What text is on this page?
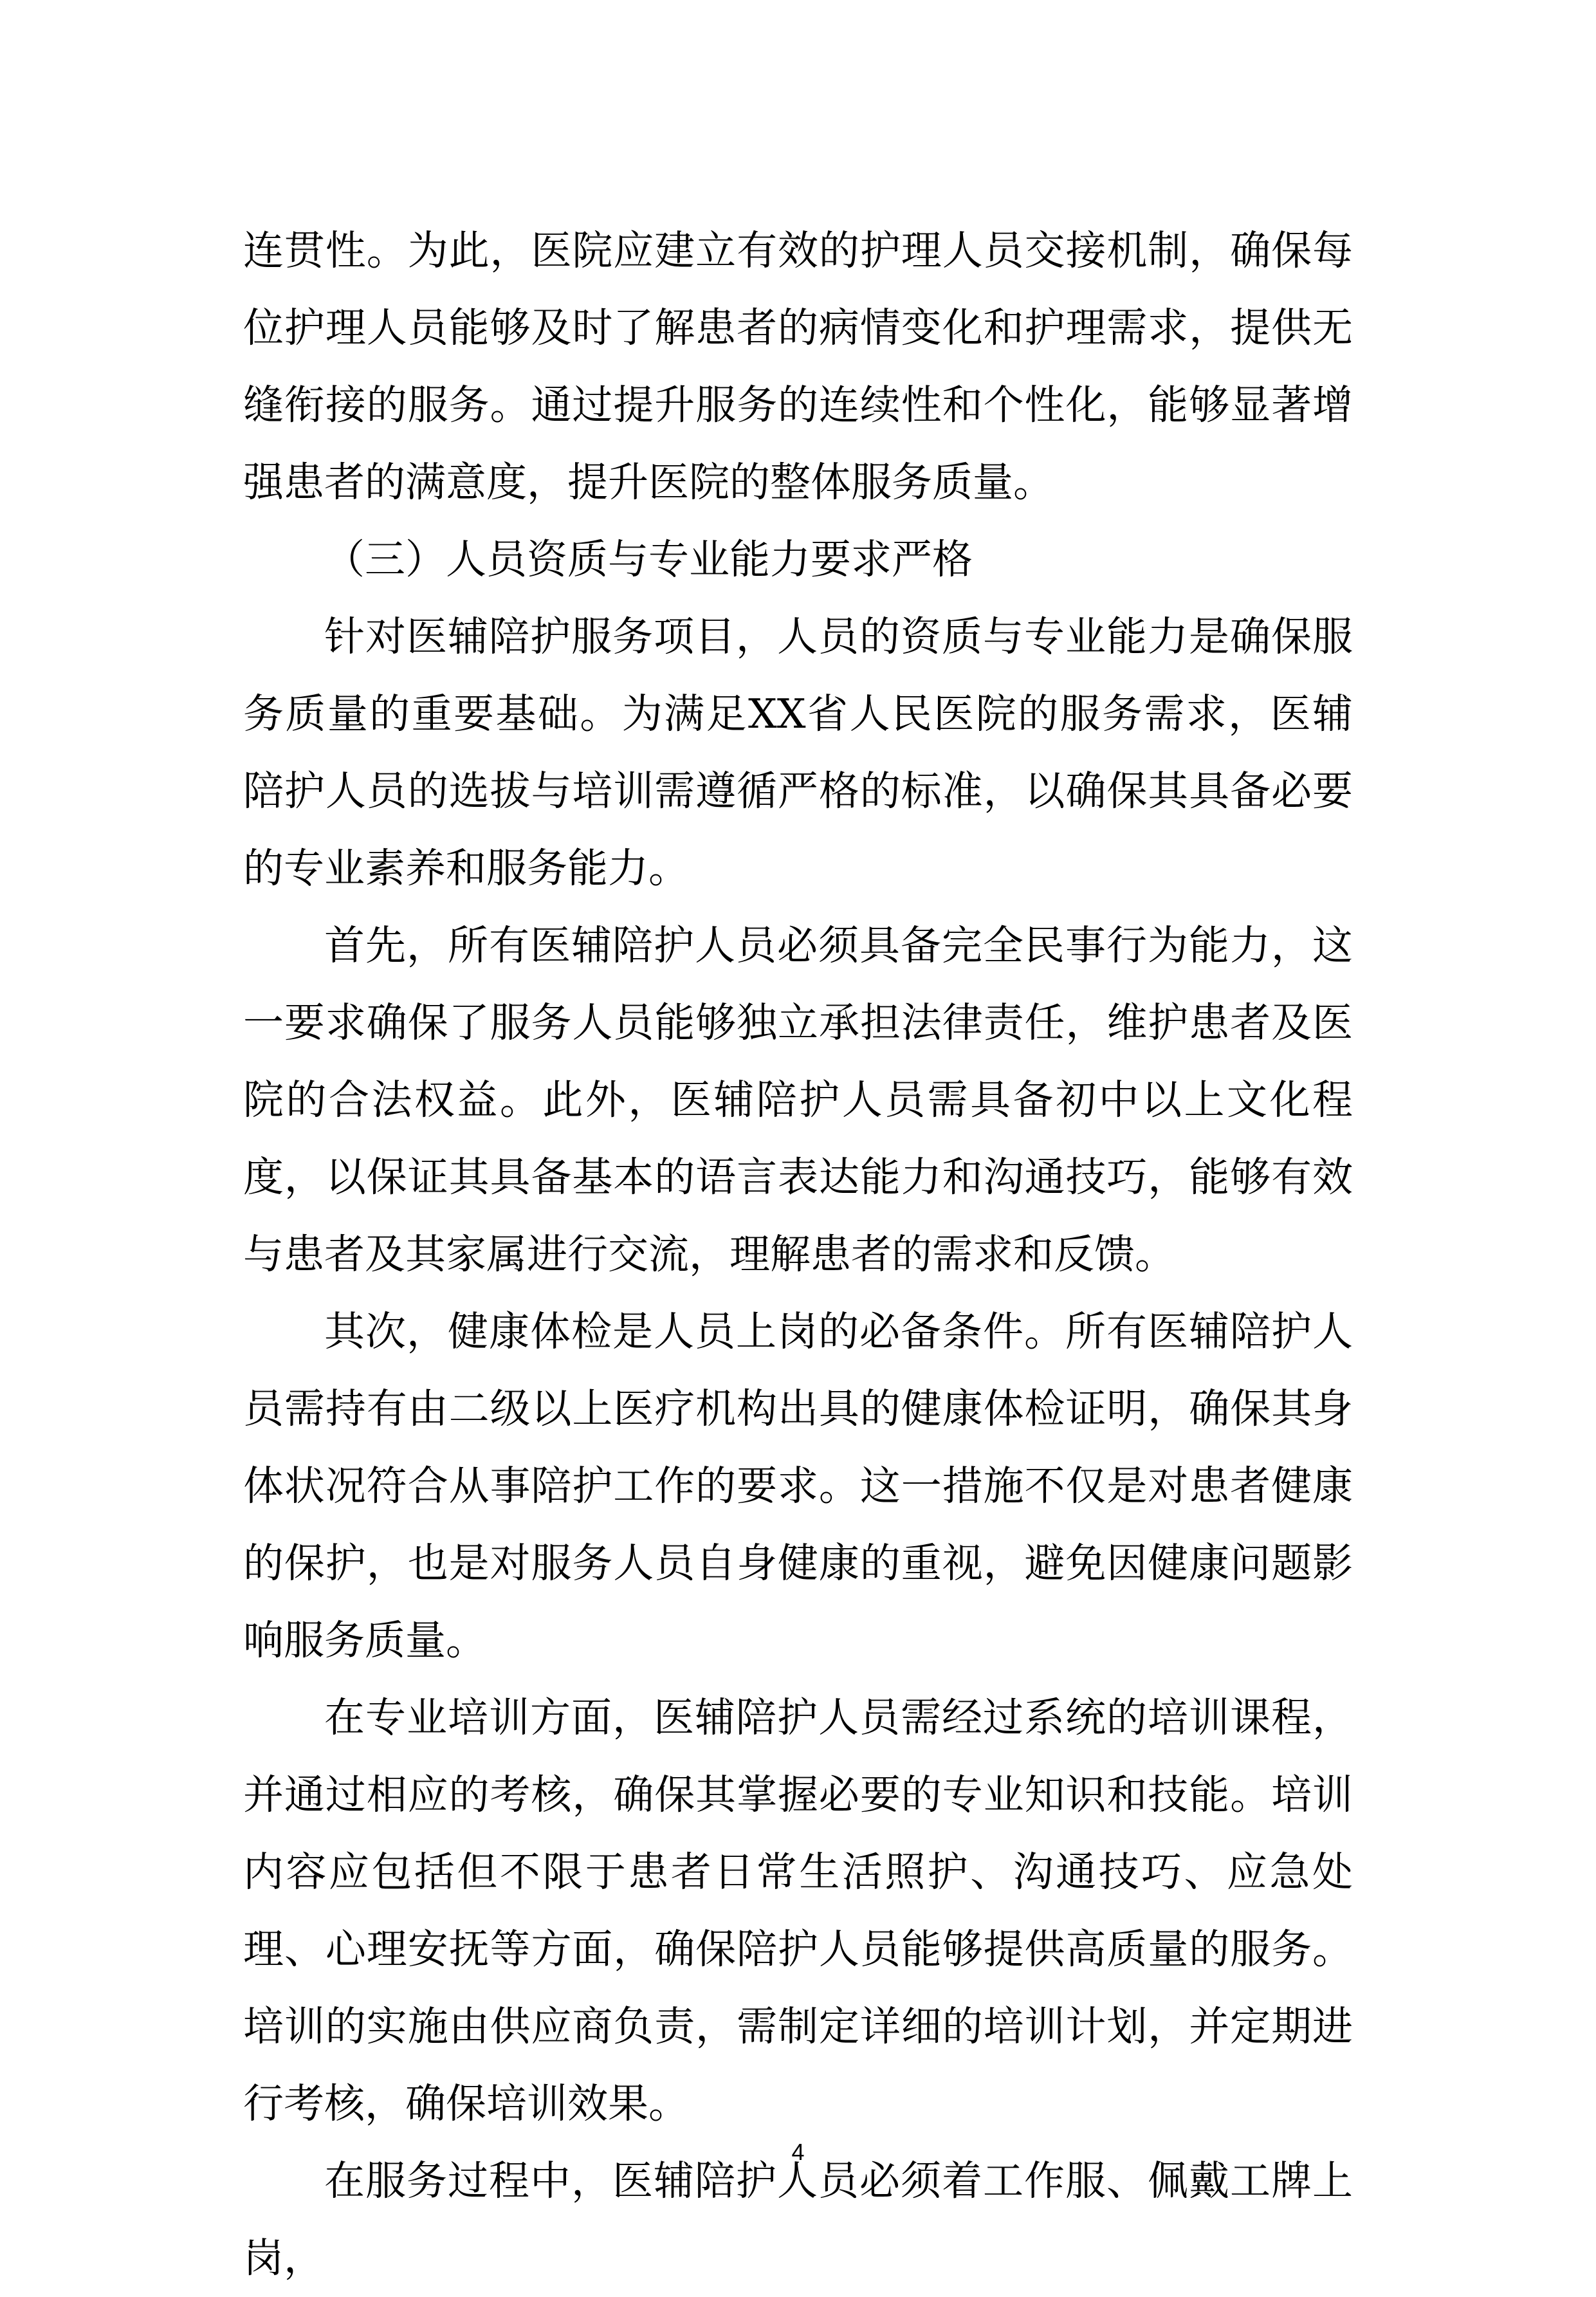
连贯性。为此，医院应建立有效的护理人员交接机制，确保每位护理人员能够及时了解患者的病情变化和护理需求，提供无缝衔接的服务。通过提升服务的连续性和个性化，能够显著增强患者的满意度，提升医院的整体服务质量。

（三）人员资质与专业能力要求严格

针对医辅陪护服务项目，人员的资质与专业能力是确保服务质量的重要基础。为满足XX省人民医院的服务需求，医辅陪护人员的选拔与培训需遵循严格的标准，以确保其具备必要的专业素养和服务能力。

首先，所有医辅陪护人员必须具备完全民事行为能力，这一要求确保了服务人员能够独立承担法律责任，维护患者及医院的合法权益。此外，医辅陪护人员需具备初中以上文化程度，以保证其具备基本的语言表达能力和沟通技巧，能够有效与患者及其家属进行交流，理解患者的需求和反馈。

其次，健康体检是人员上岗的必备条件。所有医辅陪护人员需持有由二级以上医疗机构出具的健康体检证明，确保其身体状况符合从事陪护工作的要求。这一措施不仅是对患者健康的保护，也是对服务人员自身健康的重视，避免因健康问题影响服务质量。

在专业培训方面，医辅陪护人员需经过系统的培训课程，并通过相应的考核，确保其掌握必要的专业知识和技能。培训内容应包括但不限于患者日常生活照护、沟通技巧、应急处理、心理安抚等方面，确保陪护人员能够提供高质量的服务。培训的实施由供应商负责，需制定详细的培训计划，并定期进行考核，确保培训效果。

在服务过程中，医辅陪护人员必须着工作服、佩戴工牌上岗，

4
